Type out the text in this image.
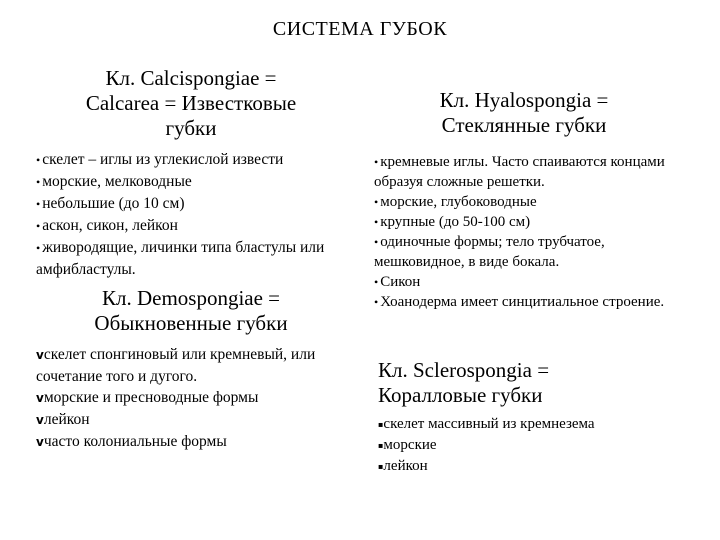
СИСТЕМА ГУБОК
Кл. Calcispongiae =
Calcarea = Известковые
губки
• скелет – иглы из углекислой извести
• морские, мелководные
• небольшие (до 10 см)
• аскон, сикон, лейкон
• живородящие, личинки типа бластулы или амфибластулы.
Кл. Demospongiae =
Обыкновенные губки
vскелет спонгиновый или кремневый, или сочетание того и дугого.
vморские и пресноводные формы
vлейкон
vчасто колониальные формы
Кл. Hyalospongia =
Стеклянные губки
• кремневые иглы. Часто спаиваются концами образуя сложные решетки.
• морские, глубоководные
• крупные (до 50-100 см)
• одиночные формы; тело трубчатое, мешковидное, в виде бокала.
• Сикон
• Хоанодерма имеет синцитиальное строение.
Кл. Sclerospongia =
Коралловые губки
▪скелет массивный из кремнезема
▪морские
▪лейкон
